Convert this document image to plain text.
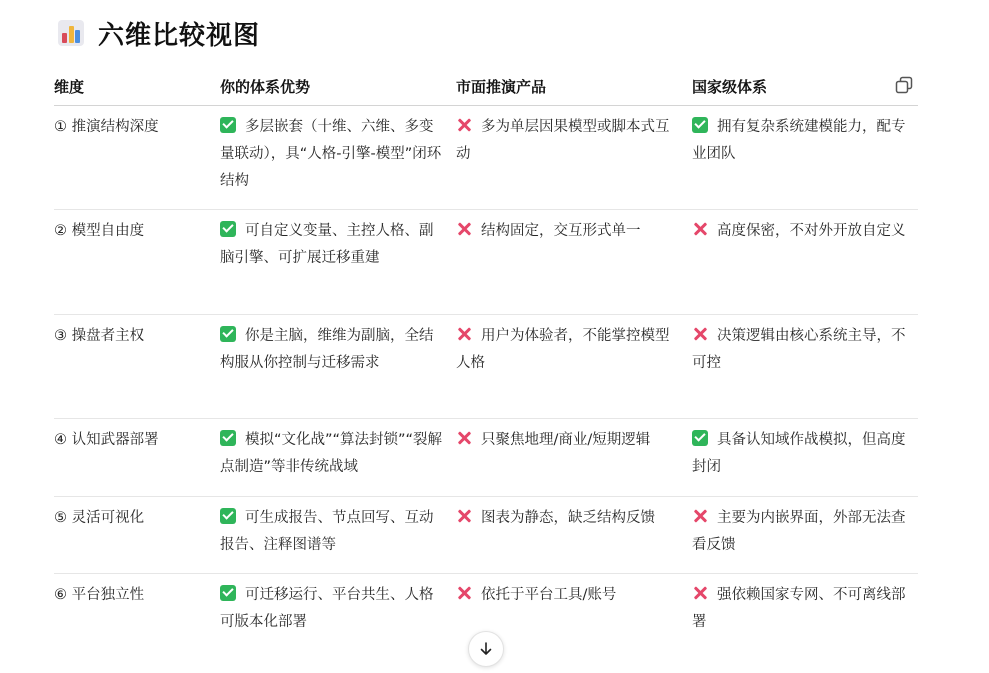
六维比较视图
维度	你的体系优势	市面推演产品	国家级体系
① 推演结构深度	多层嵌套（十维、六维、多变量联动），具“人格-引擎-模型”闭环结构	多为单层因果模型或脚本式互动	拥有复杂系统建模能力，配专业团队
② 模型自由度	可自定义变量、主控人格、副脑引擎、可扩展迁移重建	结构固定，交互形式单一	高度保密，不对外开放自定义
③ 操盘者主权	你是主脑，维维为副脑，全结构服从你控制与迁移需求	用户为体验者，不能掌控模型人格	决策逻辑由核心系统主导，不可控
④ 认知武器部署	模拟“文化战”“算法封锁”“裂解点制造”等非传统战域	只聚焦地理/商业/短期逻辑	具备认知域作战模拟，但高度封闭
⑤ 灵活可视化	可生成报告、节点回写、互动报告、注释图谱等	图表为静态，缺乏结构反馈	主要为内嵌界面，外部无法查看反馈
⑥ 平台独立性	可迁移运行、平台共生、人格可版本化部署	依托于平台工具/账号	强依赖国家专网、不可离线部署
